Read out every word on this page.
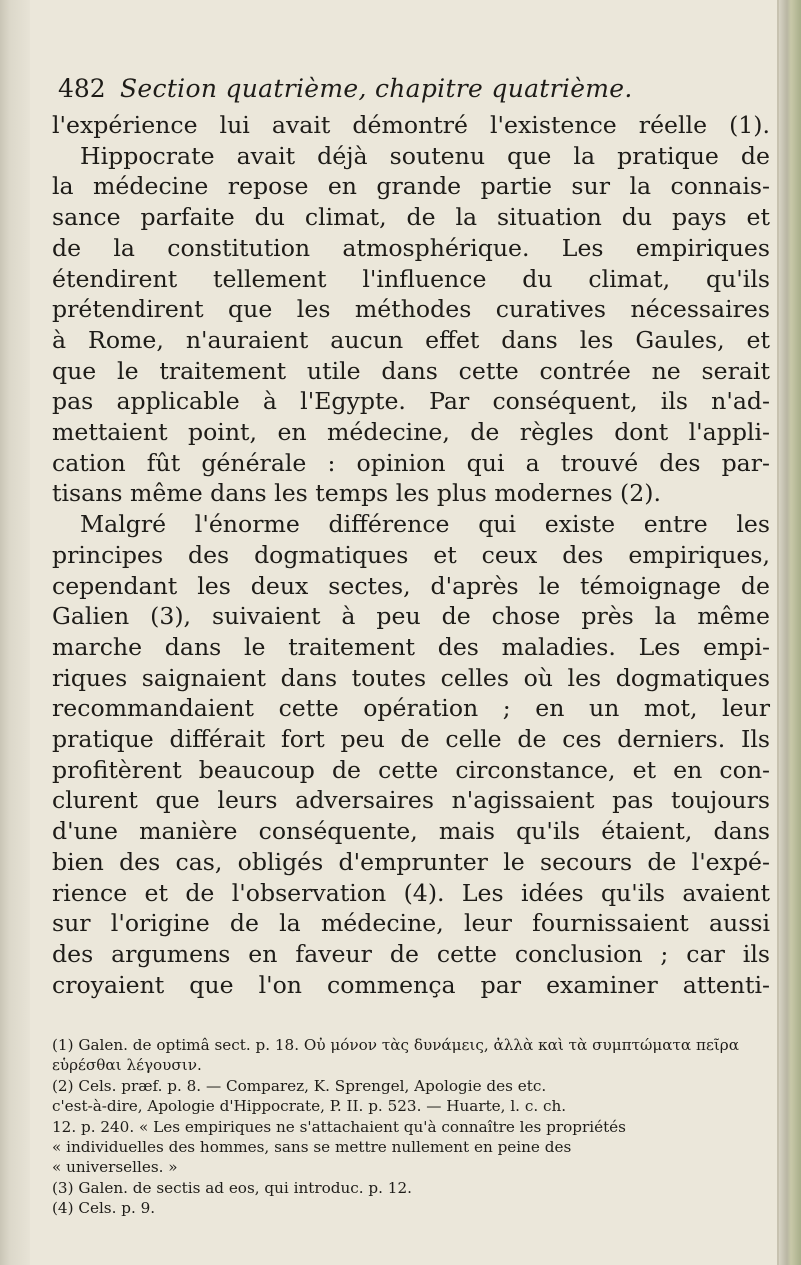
482 Section quatrième, chapitre quatrième.

l'expérience lui avait démontré l'existence réelle (1).

Hippocrate avait déjà soutenu que la pratique de

la médecine repose en grande partie sur la connais-

sance parfaite du climat, de la situation du pays et

de la constitution atmosphérique. Les empiriques

étendirent tellement l'influence du climat, qu'ils

prétendirent que les méthodes curatives nécessaires

à Rome, n'auraient aucun effet dans les Gaules, et

que le traitement utile dans cette contrée ne serait

pas applicable à l'Egypte. Par conséquent, ils n'ad-

mettaient point, en médecine, de règles dont l'appli-

cation fût générale : opinion qui a trouvé des par-

tisans même dans les temps les plus modernes (2).

Malgré l'énorme différence qui existe entre les

principes des dogmatiques et ceux des empiriques,

cependant les deux sectes, d'après le témoignage de

Galien (3), suivaient à peu de chose près la même

marche dans le traitement des maladies. Les empi-

riques saignaient dans toutes celles où les dogmatiques

recommandaient cette opération ; en un mot, leur

pratique différait fort peu de celle de ces derniers. Ils

profitèrent beaucoup de cette circonstance, et en con-

clurent que leurs adversaires n'agissaient pas toujours

d'une manière conséquente, mais qu'ils étaient, dans

bien des cas, obligés d'emprunter le secours de l'expé-

rience et de l'observation (4). Les idées qu'ils avaient

sur l'origine de la médecine, leur fournissaient aussi

des argumens en faveur de cette conclusion ; car ils

croyaient que l'on commença par examiner attenti-

(1) Galen. de optimâ sect. p. 18. Οὐ μόνον τὰς δυνάμεις, ἀλλὰ καὶ τὰ συμπτώματα πεῖρα εὑρέσθαι λέγουσιν.

(2) Cels. præf. p. 8. — Comparez, K. Sprengel, Apologie des etc.

c'est-à-dire, Apologie d'Hippocrate, P. II. p. 523. — Huarte, l. c. ch.

12. p. 240. « Les empiriques ne s'attachaient qu'à connaître les propriétés

« individuelles des hommes, sans se mettre nullement en peine des

« universelles. »

(3) Galen. de sectis ad eos, qui introduc. p. 12.

(4) Cels. p. 9.
